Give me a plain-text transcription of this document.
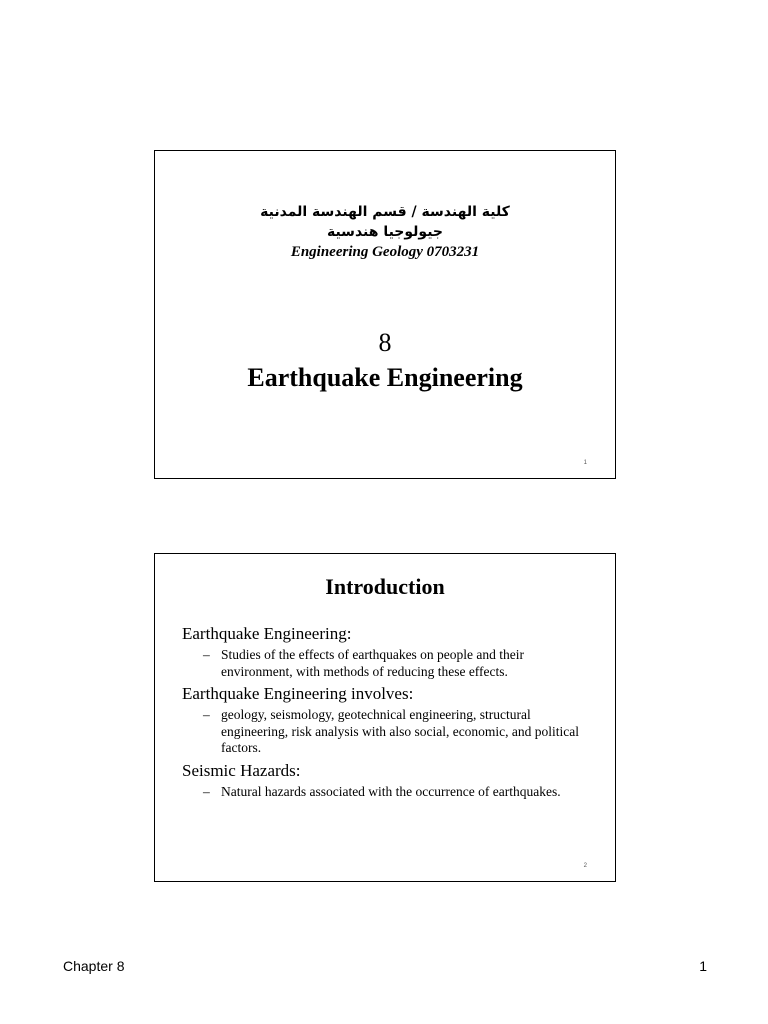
كلية الهندسة / قسم الهندسة المدنية
جيولوجيا هندسية
Engineering Geology 0703231
8
Earthquake Engineering
1
Introduction
Earthquake Engineering:
– Studies of the effects of earthquakes on people and their environment, with methods of reducing these effects.
Earthquake Engineering involves:
– geology, seismology, geotechnical engineering, structural engineering, risk analysis with also social, economic, and political factors.
Seismic Hazards:
– Natural hazards associated with the occurrence of earthquakes.
2
Chapter 8	1
